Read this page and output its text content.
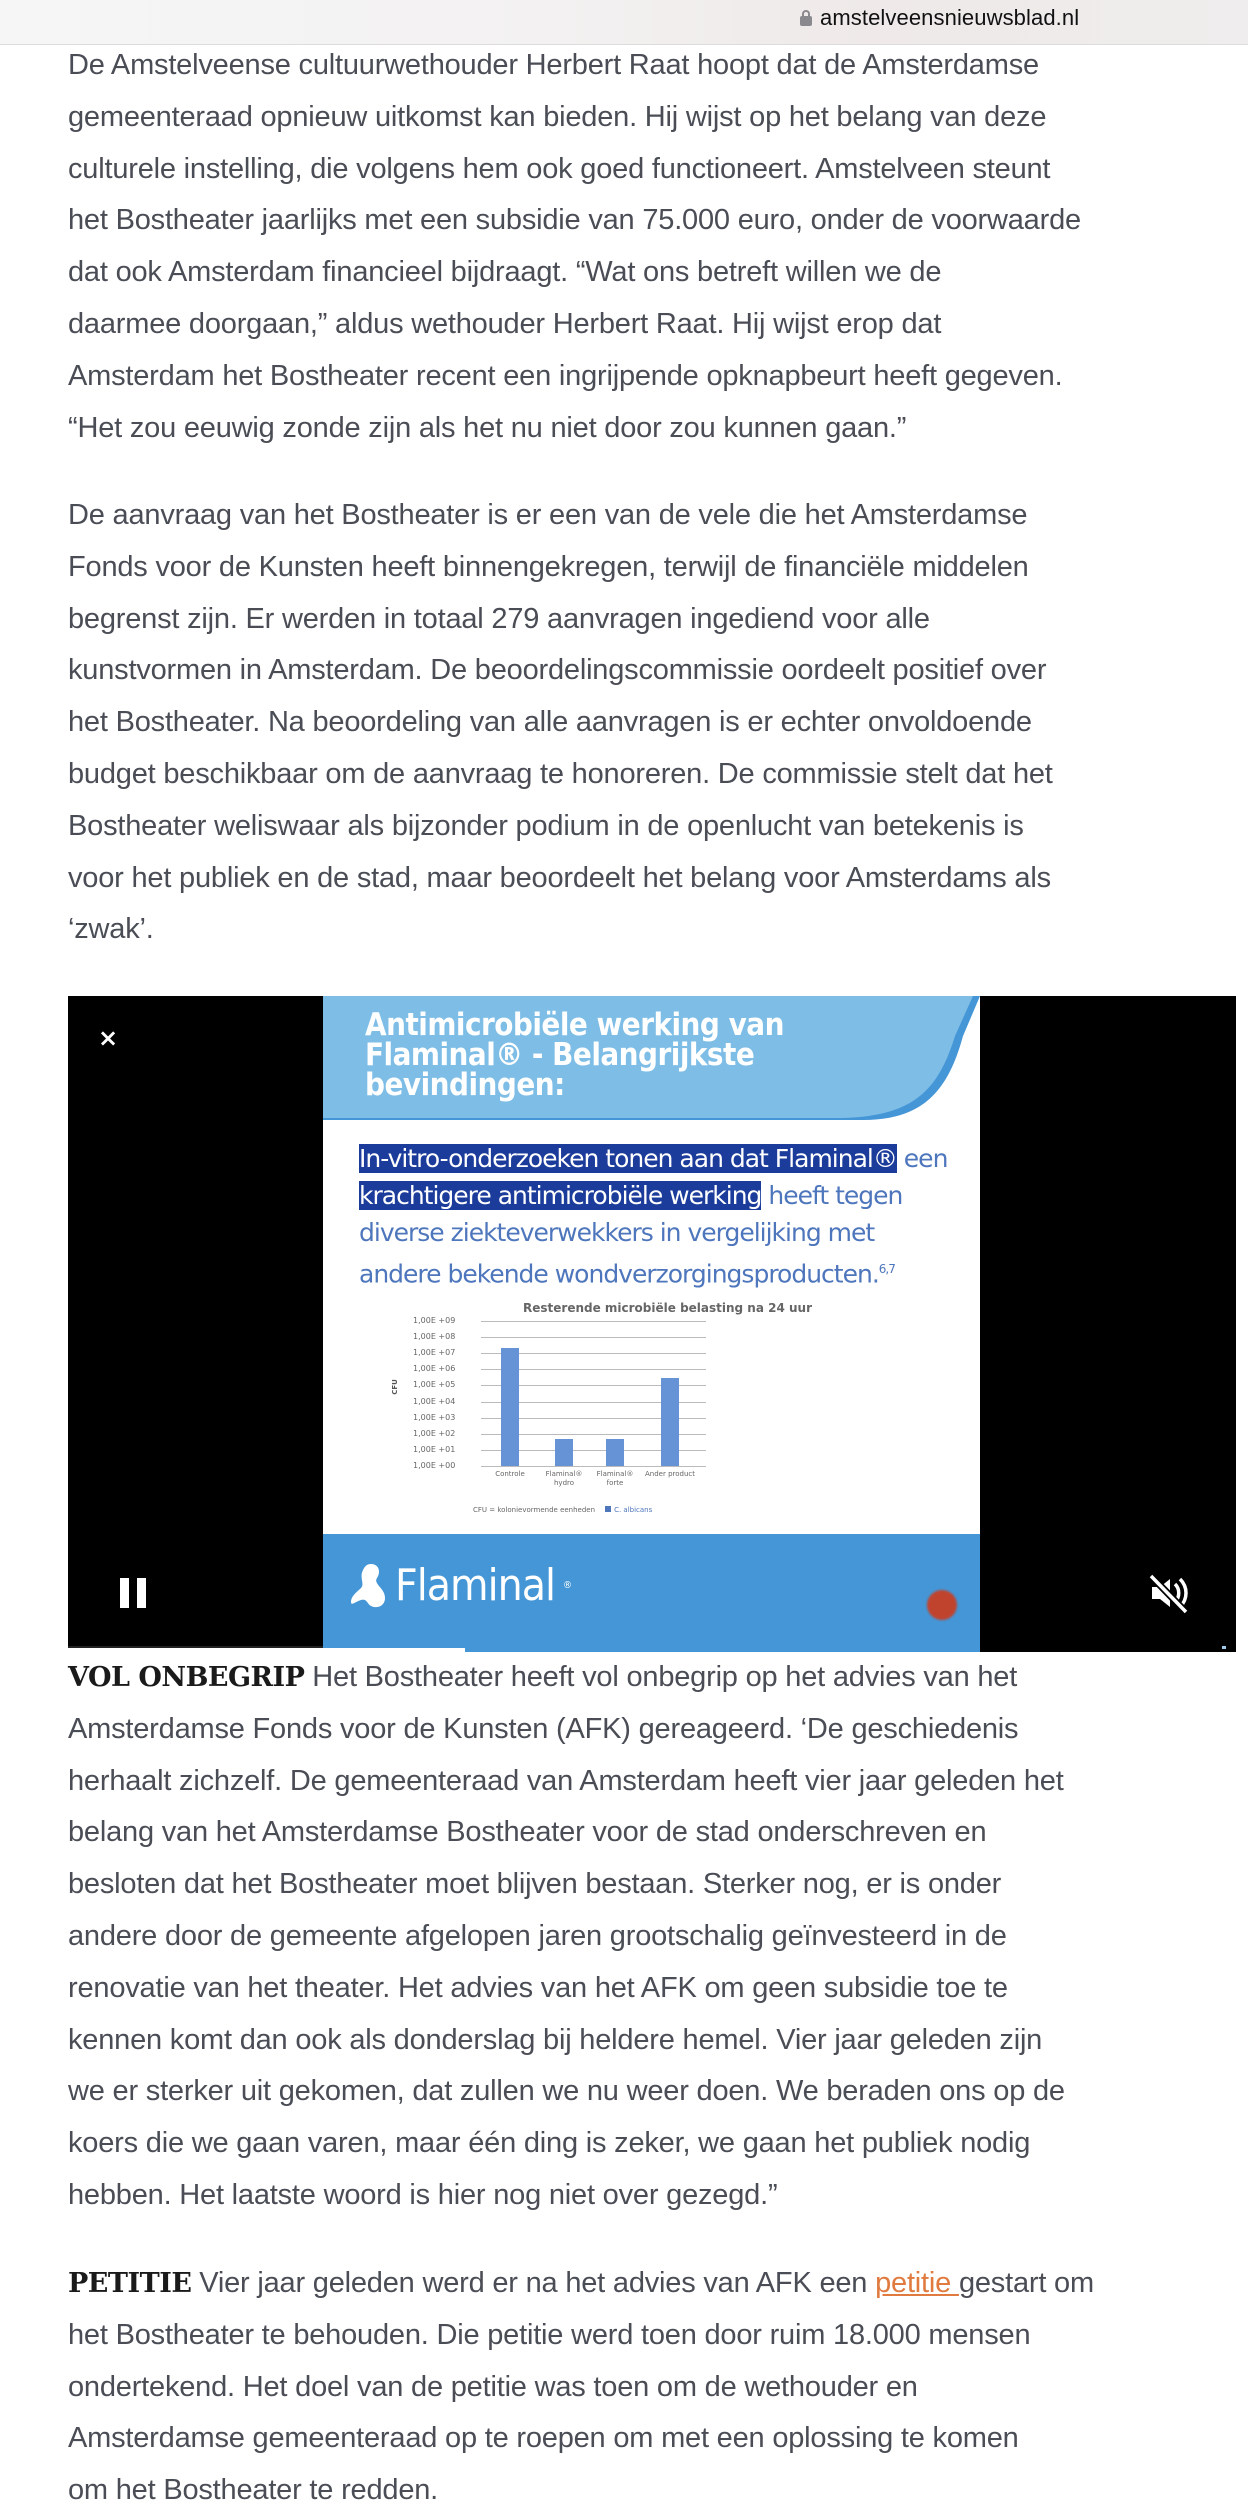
amstelveensnieuwsblad.nl

De Amstelveense cultuurwethouder Herbert Raat hoopt dat de Amsterdamse
gemeenteraad opnieuw uitkomst kan bieden. Hij wijst op het belang van deze
culturele instelling, die volgens hem ook goed functioneert. Amstelveen steunt
het Bostheater jaarlijks met een subsidie van 75.000 euro, onder de voorwaarde
dat ook Amsterdam financieel bijdraagt. “Wat ons betreft willen we de
daarmee doorgaan,” aldus wethouder Herbert Raat. Hij wijst erop dat
Amsterdam het Bostheater recent een ingrijpende opknapbeurt heeft gegeven.
“Het zou eeuwig zonde zijn als het nu niet door zou kunnen gaan.”

De aanvraag van het Bostheater is er een van de vele die het Amsterdamse
Fonds voor de Kunsten heeft binnengekregen, terwijl de financiële middelen
begrenst zijn. Er werden in totaal 279 aanvragen ingediend voor alle
kunstvormen in Amsterdam. De beoordelingscommissie oordeelt positief over
het Bostheater. Na beoordeling van alle aanvragen is er echter onvoldoende
budget beschikbaar om de aanvraag te honoreren. De commissie stelt dat het
Bostheater weliswaar als bijzonder podium in de openlucht van betekenis is
voor het publiek en de stad, maar beoordeelt het belang voor Amsterdams als
‘zwak’.

×	Antimicrobiële werking van
Flaminal® - Belangrijkste
bevindingen:
In-vitro-onderzoeken tonen aan dat Flaminal® een
krachtigere antimicrobiële werking heeft tegen
diverse ziekteverwekkers in vergelijking met
andere bekende wondverzorgingsproducten.$^{6,7}$
Resterende microbiële belasting na 24 uur
CFU
1,00E +00
1,00E +01
1,00E +02
1,00E +03
1,00E +04
1,00E +05
1,00E +06
1,00E +07
1,00E +08
1,00E +09
Controle	Flaminal® hydro
Flaminal® forte
Ander product
CFU = kolonievormende eenheden	C. albicans
Flaminal ®

VOL ONBEGRIP Het Bostheater heeft vol onbegrip op het advies van het
Amsterdamse Fonds voor de Kunsten (AFK) gereageerd. ‘De geschiedenis
herhaalt zichzelf. De gemeenteraad van Amsterdam heeft vier jaar geleden het
belang van het Amsterdamse Bostheater voor de stad onderschreven en
besloten dat het Bostheater moet blijven bestaan. Sterker nog, er is onder
andere door de gemeente afgelopen jaren grootschalig geïnvesteerd in de
renovatie van het theater. Het advies van het AFK om geen subsidie toe te
kennen komt dan ook als donderslag bij heldere hemel. Vier jaar geleden zijn
we er sterker uit gekomen, dat zullen we nu weer doen. We beraden ons op de
koers die we gaan varen, maar één ding is zeker, we gaan het publiek nodig
hebben. Het laatste woord is hier nog niet over gezegd.”

PETITIE Vier jaar geleden werd er na het advies van AFK een petitie gestart om
het Bostheater te behouden. Die petitie werd toen door ruim 18.000 mensen
ondertekend. Het doel van de petitie was toen om de wethouder en
Amsterdamse gemeenteraad op te roepen om met een oplossing te komen
om het Bostheater te redden.
